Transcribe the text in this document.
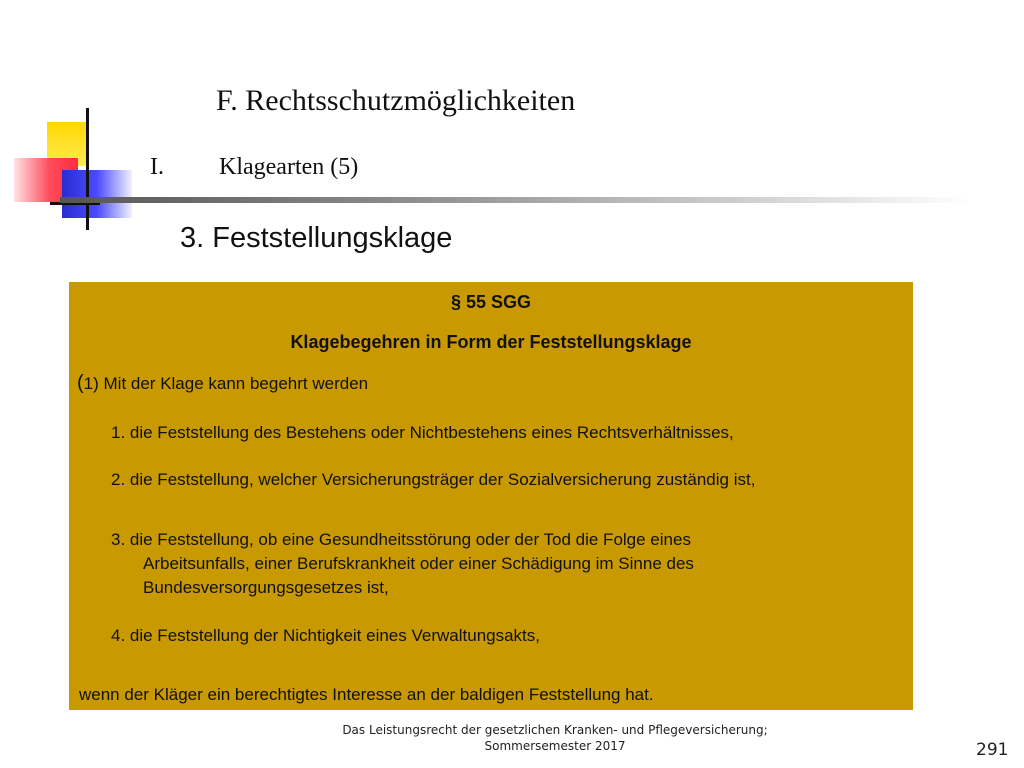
F. Rechtsschutzmöglichkeiten
I. Klagearten (5)
3. Feststellungsklage
§ 55 SGG
Klagebegehren in Form der Feststellungsklage
(1) Mit der Klage kann begehrt werden
1. die Feststellung des Bestehens oder Nichtbestehens eines Rechtsverhältnisses,
2. die Feststellung, welcher Versicherungsträger der Sozialversicherung zuständig ist,
3. die Feststellung, ob eine Gesundheitsstörung oder der Tod die Folge eines
Arbeitsunfalls, einer Berufskrankheit oder einer Schädigung im Sinne des
Bundesversorgungsgesetzes ist,
4. die Feststellung der Nichtigkeit eines Verwaltungsakts,
wenn der Kläger ein berechtigtes Interesse an der baldigen Feststellung hat.
Das Leistungsrecht der gesetzlichen Kranken- und Pflegeversicherung;
Sommersemester 2017	291
